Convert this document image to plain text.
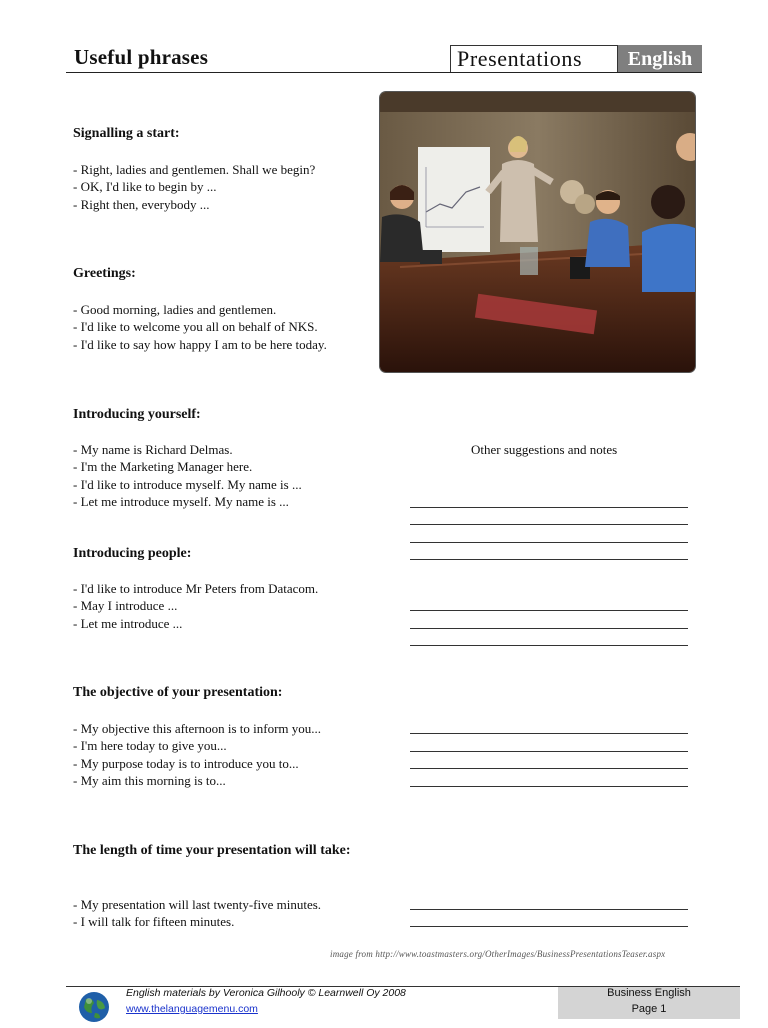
Useful phrases	Presentations	English
Signalling a start:
- Right, ladies and gentlemen. Shall we begin?
- OK, I'd like to begin by ...
- Right then, everybody ...
Greetings:
- Good morning, ladies and gentlemen.
- I'd like to welcome you all on behalf of NKS.
- I'd like to say how happy I am to be here today.
Introducing yourself:
- My name is Richard Delmas.
- I'm the Marketing Manager here.
- I'd like to introduce myself. My name is ...
- Let me introduce myself. My name is ...
Introducing people:
- I'd like to introduce Mr Peters from Datacom.
- May I introduce ...
- Let me introduce ...
The objective of your presentation:
- My objective this afternoon is to inform you...
- I'm here today to give you...
- My purpose today is to introduce you to...
- My aim this morning is to...
The length of time your presentation will take:
- My presentation will last twenty-five minutes.
- I will talk for fifteen minutes.
Other suggestions and notes
image from http://www.toastmasters.org/OtherImages/BusinessPresentationsTeaser.aspx
English materials by Veronica Gilhooly © Learnwell Oy 2008
www.thelanguagemenu.com
Business English
Page 1
